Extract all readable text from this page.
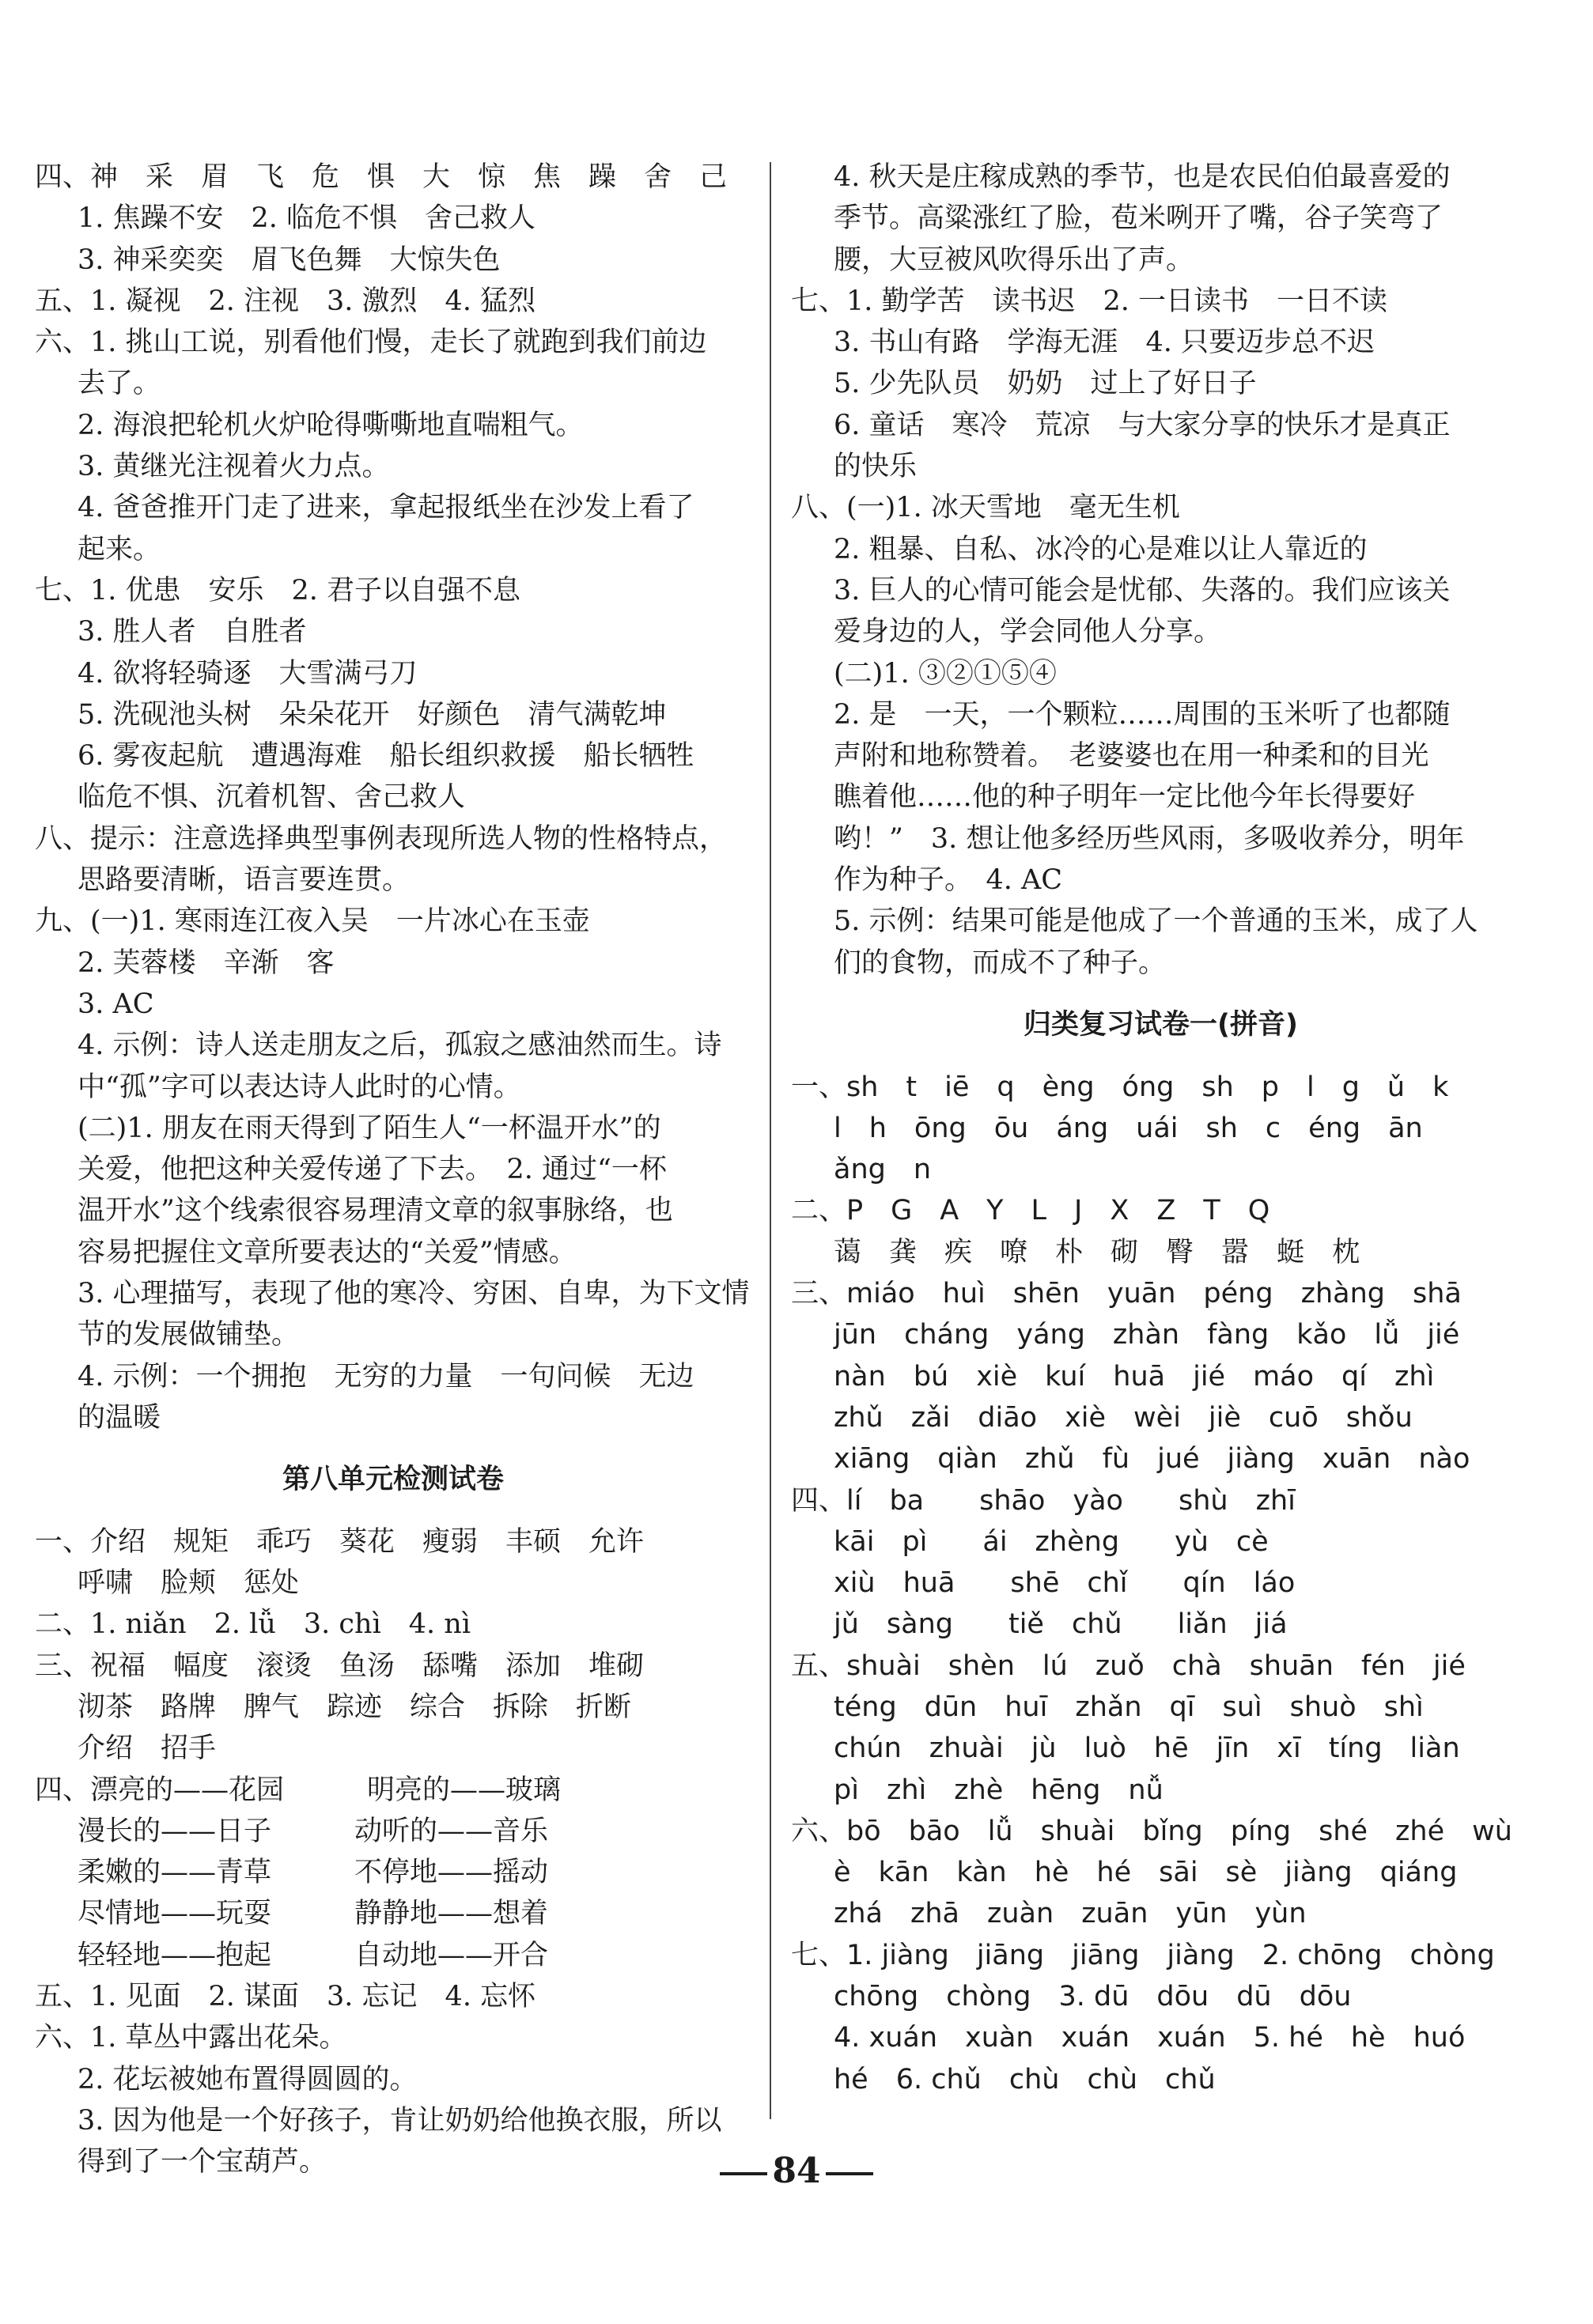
四、神　采　眉　飞　危　惧　大　惊　焦　躁　舍　己
1. 焦躁不安　2. 临危不惧　舍己救人
3. 神采奕奕　眉飞色舞　大惊失色
五、1. 凝视　2. 注视　3. 激烈　4. 猛烈
六、1. 挑山工说，别看他们慢，走长了就跑到我们前边
去了。
2. 海浪把轮机火炉呛得嘶嘶地直喘粗气。
3. 黄继光注视着火力点。
4. 爸爸推开门走了进来，拿起报纸坐在沙发上看了
起来。
七、1. 优患　安乐　2. 君子以自强不息
3. 胜人者　自胜者
4. 欲将轻骑逐　大雪满弓刀
5. 洗砚池头树　朵朵花开　好颜色　清气满乾坤
6. 雾夜起航　遭遇海难　船长组织救援　船长牺牲
临危不惧、沉着机智、舍己救人
八、提示：注意选择典型事例表现所选人物的性格特点，
思路要清晰，语言要连贯。
九、(一)1. 寒雨连江夜入吴　一片冰心在玉壶
2. 芙蓉楼　辛渐　客
3. AC
4. 示例：诗人送走朋友之后，孤寂之感油然而生。诗
中“孤”字可以表达诗人此时的心情。
(二)1. 朋友在雨天得到了陌生人“一杯温开水”的
关爱，他把这种关爱传递了下去。　2. 通过“一杯
温开水”这个线索很容易理清文章的叙事脉络，也
容易把握住文章所要表达的“关爱”情感。
3. 心理描写，表现了他的寒冷、穷困、自卑，为下文情
节的发展做铺垫。
4. 示例：一个拥抱　无穷的力量　一句问候　无边
的温暖
第八单元检测试卷
一、介绍　规矩　乖巧　葵花　瘦弱　丰硕　允许
呼啸　脸颊　惩处
二、1. niǎn　2. lǚ　3. chì　4. nì
三、祝福　幅度　滚烫　鱼汤　舔嘴　添加　堆砌
沏茶　路牌　脾气　踪迹　综合　拆除　折断
介绍　招手
四、漂亮的——花园　　　明亮的——玻璃
漫长的——日子　　　动听的——音乐
柔嫩的——青草　　　不停地——摇动
尽情地——玩耍　　　静静地——想着
轻轻地——抱起　　　自动地——开合
五、1. 见面　2. 谋面　3. 忘记　4. 忘怀
六、1. 草丛中露出花朵。
2. 花坛被她布置得圆圆的。
3. 因为他是一个好孩子，肯让奶奶给他换衣服，所以
得到了一个宝葫芦。
4. 秋天是庄稼成熟的季节，也是农民伯伯最喜爱的
季节。高粱涨红了脸，苞米咧开了嘴，谷子笑弯了
腰，大豆被风吹得乐出了声。
七、1. 勤学苦　读书迟　2. 一日读书　一日不读
3. 书山有路　学海无涯　4. 只要迈步总不迟
5. 少先队员　奶奶　过上了好日子
6. 童话　寒冷　荒凉　与大家分享的快乐才是真正
的快乐
八、(一)1. 冰天雪地　毫无生机
2. 粗暴、自私、冰冷的心是难以让人靠近的
3. 巨人的心情可能会是忧郁、失落的。我们应该关
爱身边的人，学会同他人分享。
(二)1. ③②①⑤④
2. 是　一天，一个颗粒……周围的玉米听了也都随
声附和地称赞着。　老婆婆也在用一种柔和的目光
瞧着他……他的种子明年一定比他今年长得要好
哟！”　3. 想让他多经历些风雨，多吸收养分，明年
作为种子。　4. AC
5. 示例：结果可能是他成了一个普通的玉米，成了人
们的食物，而成不了种子。
归类复习试卷一(拼音)
一、sh　t　iē　q　èng　óng　sh　p　l　g　ǔ　k
l　h　ōng　ōu　áng　uái　sh　c　éng　ān
ǎng　n
二、P　G　A　Y　L　J　X　Z　T　Q
蔼　龚　疾　嘹　朴　砌　臀　嚣　蜓　枕
三、miáo　huì　shēn　yuān　péng　zhàng　shā
jūn　cháng　yáng　zhàn　fàng　kǎo　lǚ　jié
nàn　bú　xiè　kuí　huā　jié　máo　qí　zhì
zhǔ　zǎi　diāo　xiè　wèi　jiè　cuō　shǒu
xiāng　qiàn　zhǔ　fù　jué　jiàng　xuān　nào
四、lí　ba　　shāo　yào　　shù　zhī
kāi　pì　　ái　zhèng　　yù　cè
xiù　huā　　shē　chǐ　　qín　láo
jǔ　sàng　　tiě　chǔ　　liǎn　jiá
五、shuài　shèn　lú　zuǒ　chà　shuān　fén　jié
téng　dūn　huī　zhǎn　qī　suì　shuò　shì
chún　zhuài　jù　luò　hē　jīn　xī　tíng　liàn
pì　zhì　zhè　hēng　nǚ
六、bō　bāo　lǚ　shuài　bǐng　píng　shé　zhé　wù
è　kān　kàn　hè　hé　sāi　sè　jiàng　qiáng
zhá　zhā　zuàn　zuān　yūn　yùn
七、1. jiàng　jiāng　jiāng　jiàng　2. chōng　chòng
chōng　chòng　3. dū　dōu　dū　dōu
4. xuán　xuàn　xuán　xuán　5. hé　hè　huó
hé　6. chǔ　chù　chù　chǔ
84
